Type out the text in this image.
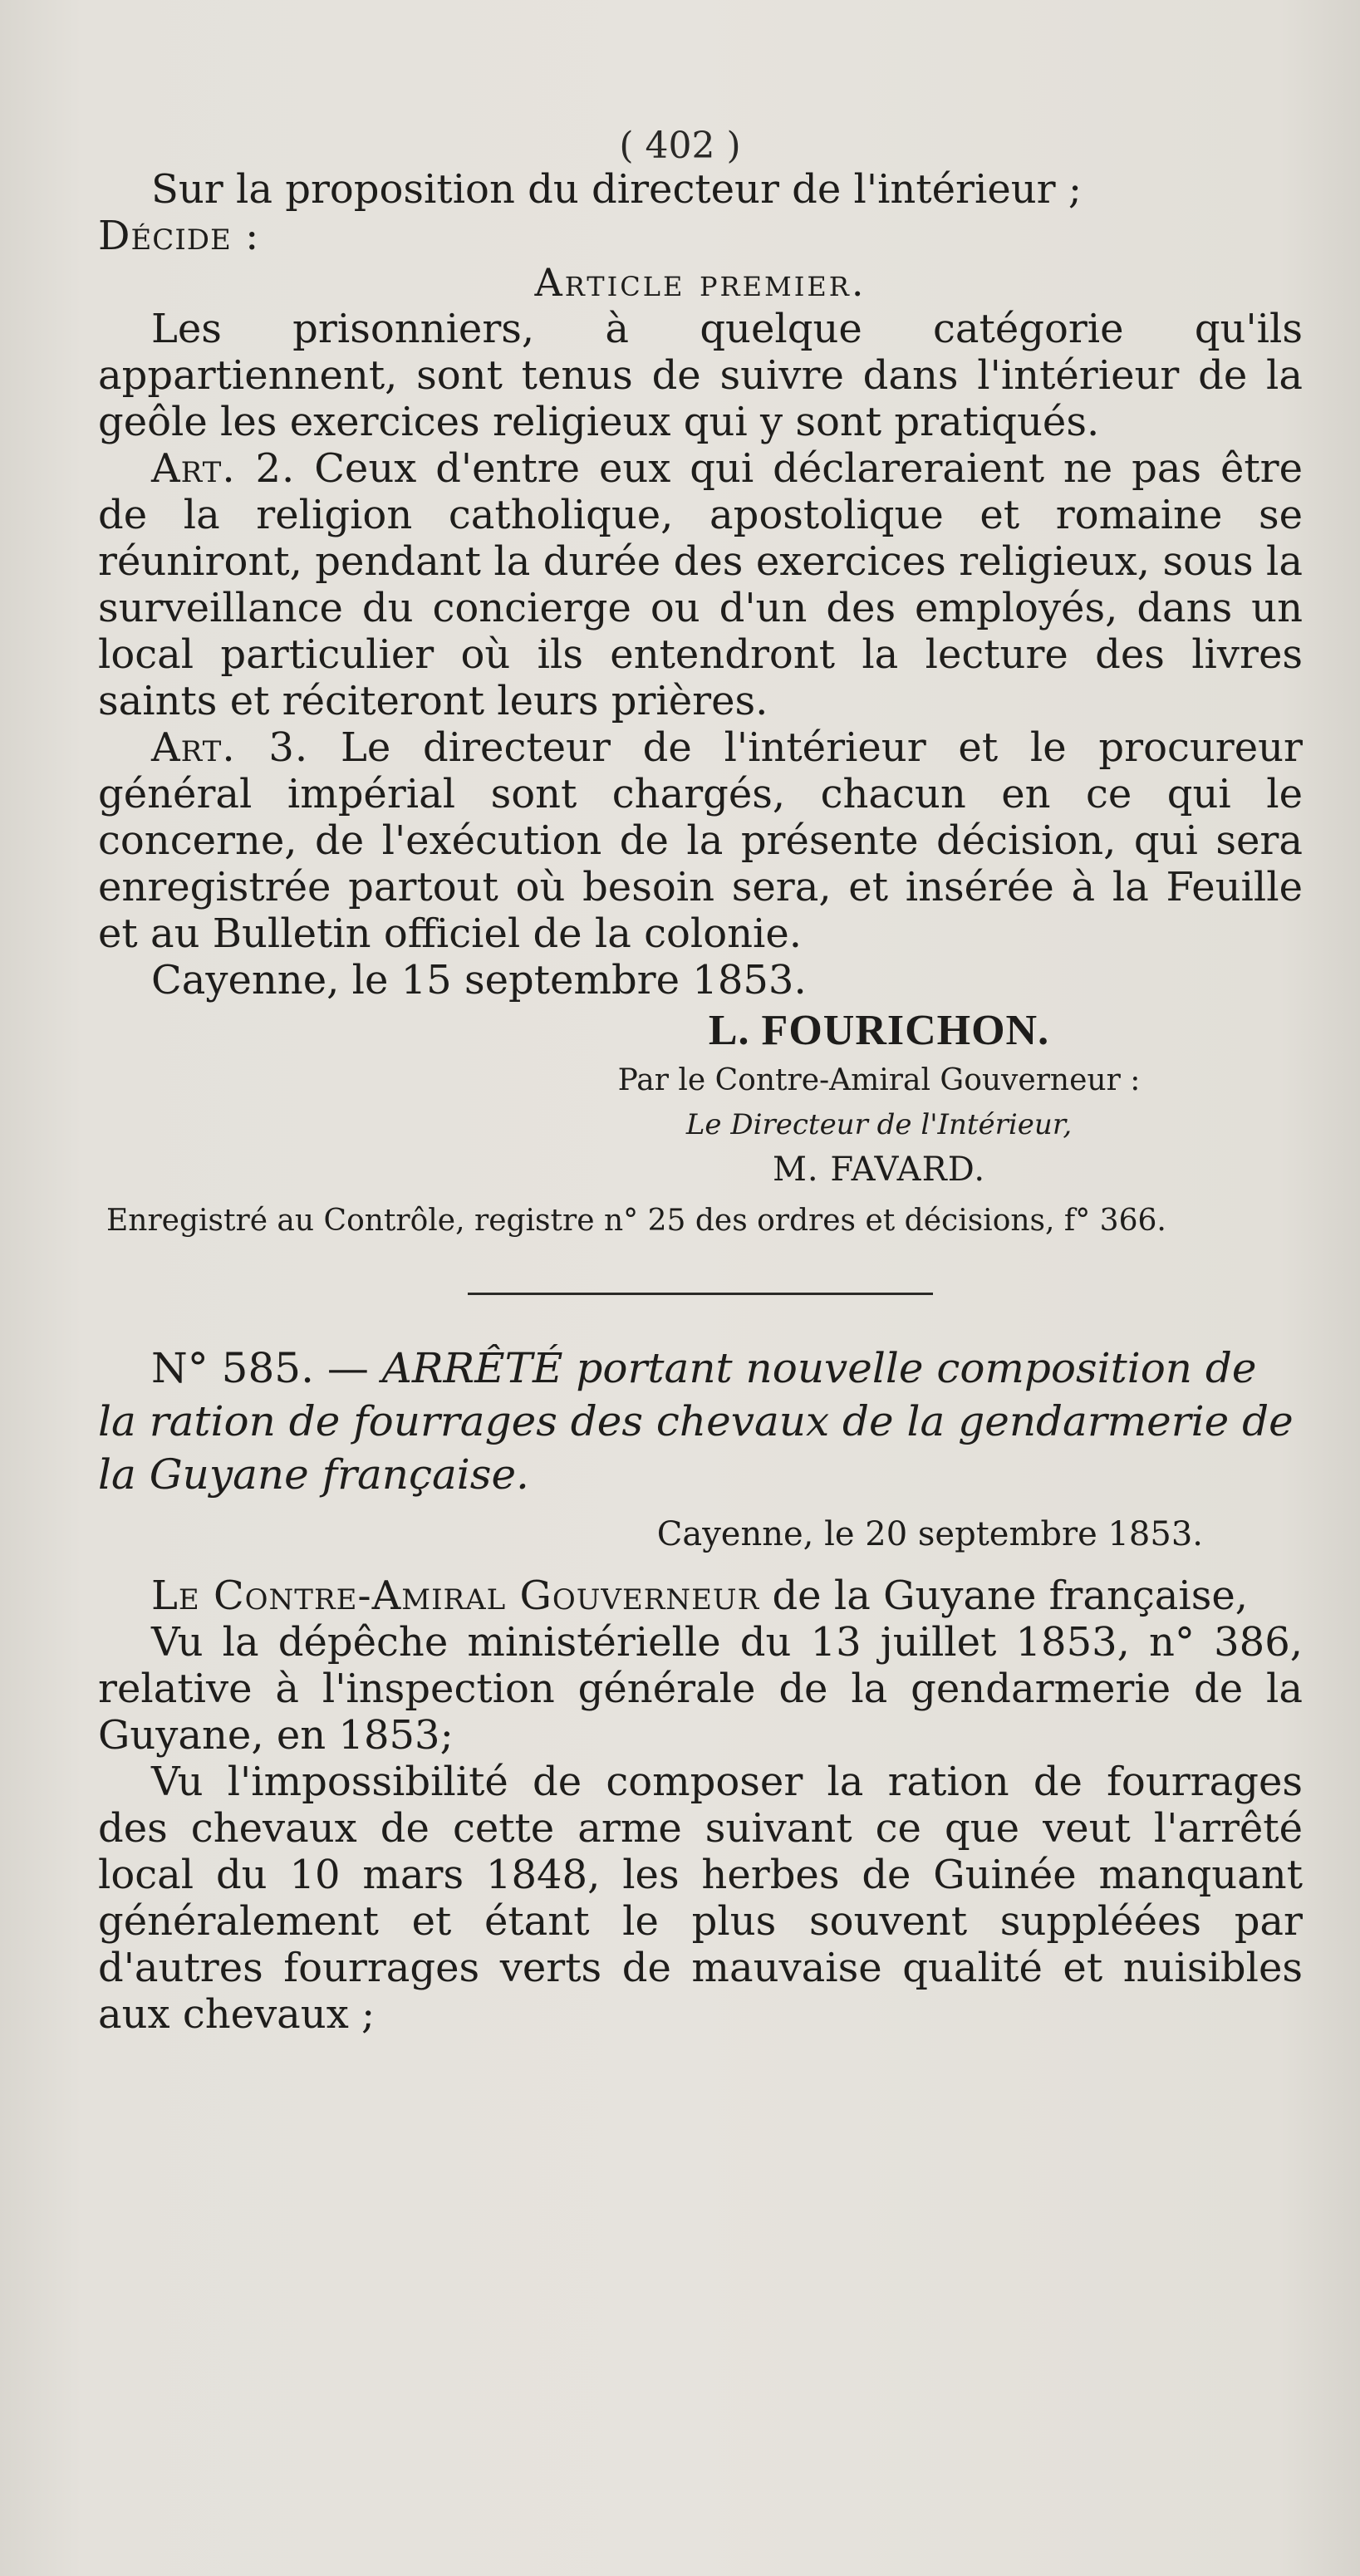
( 402 )

Sur la proposition du directeur de l'intérieur ;

Décide :

Article premier.

Les prisonniers, à quelque catégorie qu'ils appartiennent, sont tenus de suivre dans l'intérieur de la geôle les exercices religieux qui y sont pratiqués.

Art. 2. Ceux d'entre eux qui déclareraient ne pas être de la religion catholique, apostolique et romaine se réuniront, pendant la durée des exercices religieux, sous la surveillance du concierge ou d'un des employés, dans un local particulier où ils entendront la lecture des livres saints et réciteront leurs prières.

Art. 3. Le directeur de l'intérieur et le procureur général impérial sont chargés, chacun en ce qui le concerne, de l'exécution de la présente décision, qui sera enregistrée partout où besoin sera, et insérée à la Feuille et au Bulletin officiel de la colonie.

Cayenne, le 15 septembre 1853.

L. FOURICHON.

Par le Contre-Amiral Gouverneur :

Le Directeur de l'Intérieur,

M. FAVARD.

Enregistré au Contrôle, registre n° 25 des ordres et décisions, f° 366.

N° 585. — ARRÊTÉ portant nouvelle composition de la ration de fourrages des chevaux de la gendarmerie de la Guyane française.

Cayenne, le 20 septembre 1853.

Le Contre-Amiral Gouverneur de la Guyane française,

Vu la dépêche ministérielle du 13 juillet 1853, n° 386, relative à l'inspection générale de la gendarmerie de la Guyane, en 1853;

Vu l'impossibilité de composer la ration de fourrages des chevaux de cette arme suivant ce que veut l'arrêté local du 10 mars 1848, les herbes de Guinée manquant généralement et étant le plus souvent suppléées par d'autres fourrages verts de mauvaise qualité et nuisibles aux chevaux ;
